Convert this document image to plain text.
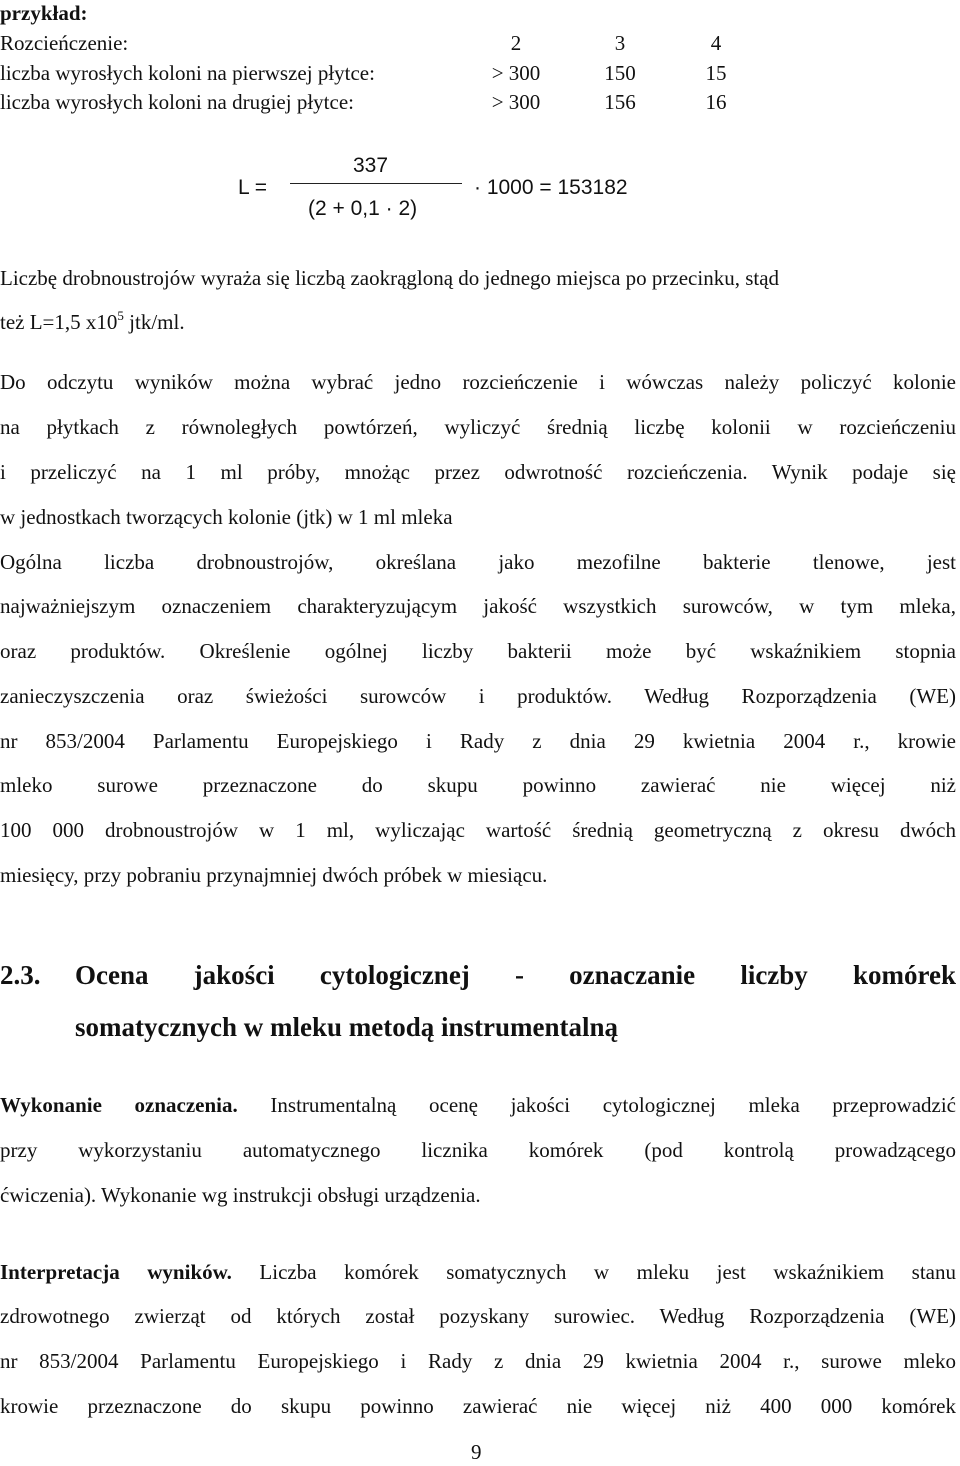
przykład:
Rozcieńczenie:	2	3	4
liczba wyrosłych koloni na pierwszej płytce:	> 300	150	15
liczba wyrosłych koloni na drugiej płytce:	> 300	156	16
L =
337
(2 + 0,1 · 2)
· 1000 = 153182
Liczbę drobnoustrojów wyraża się liczbą zaokrągloną do jednego miejsca po przecinku, stąd
też L=1,5 $x10^5$ jtk/ml.
Do odczytu wyników można wybrać jedno rozcieńczenie i wówczas należy policzyć kolonie
na płytkach z równoległych powtórzeń, wyliczyć średnią liczbę kolonii w rozcieńczeniu
i przeliczyć na 1 ml próby, mnożąc przez odwrotność rozcieńczenia. Wynik podaje się
w jednostkach tworzących kolonie (jtk) w 1 ml mleka
Ogólna liczba drobnoustrojów, określana jako mezofilne bakterie tlenowe, jest
najważniejszym oznaczeniem charakteryzującym jakość wszystkich surowców, w tym mleka,
oraz produktów. Określenie ogólnej liczby bakterii może być wskaźnikiem stopnia
zanieczyszczenia oraz świeżości surowców i produktów. Według Rozporządzenia (WE)
nr 853/2004 Parlamentu Europejskiego i Rady z dnia 29 kwietnia 2004 r., krowie
mleko surowe przeznaczone do skupu powinno zawierać nie więcej niż
100 000 drobnoustrojów w 1 ml, wyliczając wartość średnią geometryczną z okresu dwóch
miesięcy, przy pobraniu przynajmniej dwóch próbek w miesiącu.
2.3. Ocena jakości cytologicznej - oznaczanie liczby komórek
somatycznych w mleku metodą instrumentalną
Wykonanie oznaczenia. Instrumentalną ocenę jakości cytologicznej mleka przeprowadzić
przy wykorzystaniu automatycznego licznika komórek (pod kontrolą prowadzącego
ćwiczenia). Wykonanie wg instrukcji obsługi urządzenia.
Interpretacja wyników. Liczba komórek somatycznych w mleku jest wskaźnikiem stanu
zdrowotnego zwierząt od których został pozyskany surowiec. Według Rozporządzenia (WE)
nr 853/2004 Parlamentu Europejskiego i Rady z dnia 29 kwietnia 2004 r., surowe mleko
krowie przeznaczone do skupu powinno zawierać nie więcej niż 400 000 komórek
9
